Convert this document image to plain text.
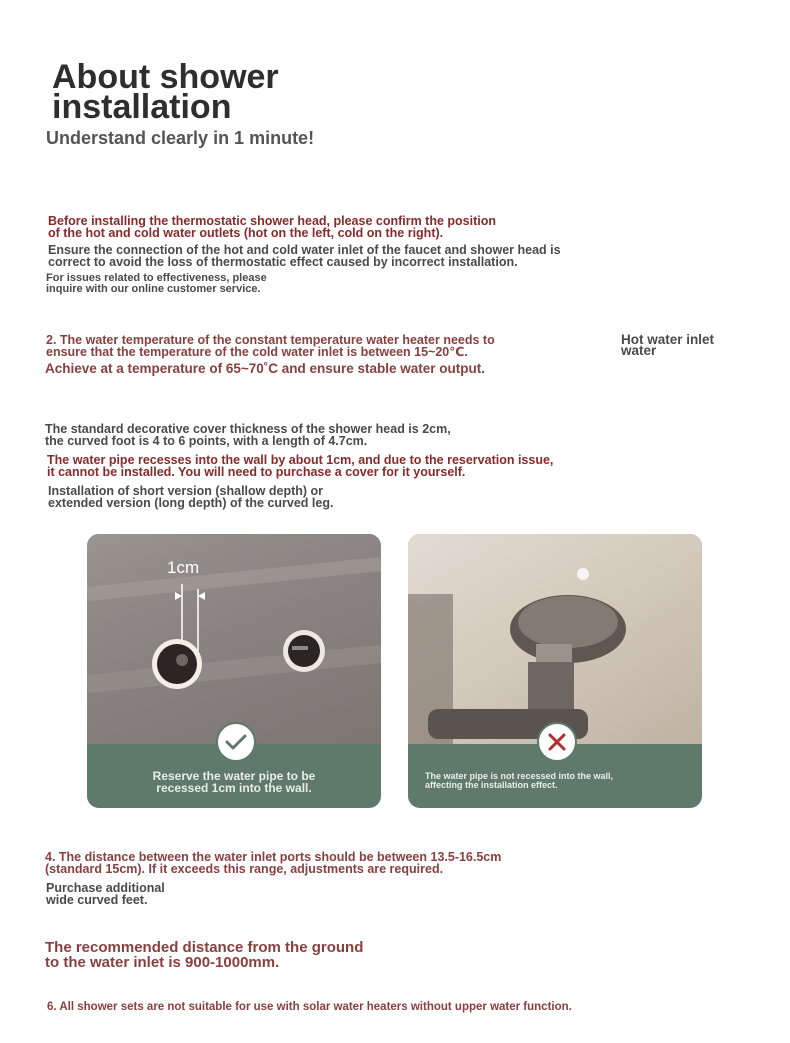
About shower
installation
Understand clearly in 1 minute!
Before installing the thermostatic shower head, please confirm the position
of the hot and cold water outlets (hot on the left, cold on the right).
Ensure the connection of the hot and cold water inlet of the faucet and shower head is
correct to avoid the loss of thermostatic effect caused by incorrect installation.
For issues related to effectiveness, please
inquire with our online customer service.
2. The water temperature of the constant temperature water heater needs to
ensure that the temperature of the cold water inlet is between 15~20℃.
Achieve at a temperature of 65~70˚C and ensure stable water output.
Hot water inlet
water
The standard decorative cover thickness of the shower head is 2cm,
the curved foot is 4 to 6 points, with a length of 4.7cm.
The water pipe recesses into the wall by about 1cm, and due to the reservation issue,
it cannot be installed. You will need to purchase a cover for it yourself.
Installation of short version (shallow depth) or
extended version (long depth) of the curved leg.
1cm
Reserve the water pipe to be
recessed 1cm into the wall.
The water pipe is not recessed into the wall,
affecting the installation effect.
4. The distance between the water inlet ports should be between 13.5-16.5cm
(standard 15cm). If it exceeds this range, adjustments are required.
Purchase additional
wide curved feet.
The recommended distance from the ground
to the water inlet is 900-1000mm.
6. All shower sets are not suitable for use with solar water heaters without upper water function.
